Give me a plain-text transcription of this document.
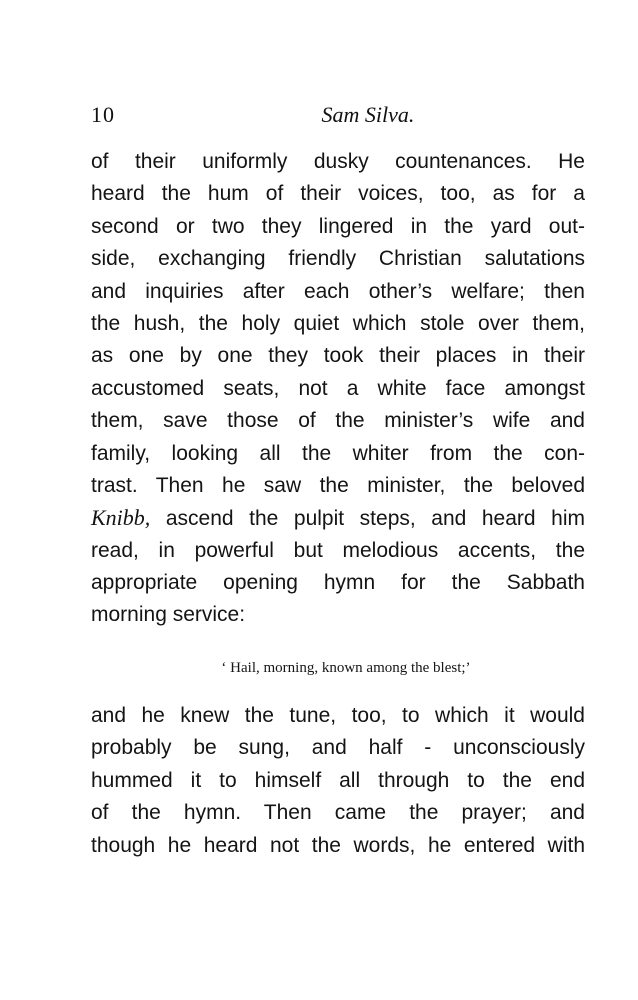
10	Sam Silva.
of their uniformly dusky countenances. He
heard the hum of their voices, too, as for a
second or two they lingered in the yard out-
side, exchanging friendly Christian salutations
and inquiries after each other’s welfare; then
the hush, the holy quiet which stole over them,
as one by one they took their places in their
accustomed seats, not a white face amongst
them, save those of the minister’s wife and
family, looking all the whiter from the con-
trast. Then he saw the minister, the beloved
Knibb, ascend the pulpit steps, and heard him
read, in powerful but melodious accents, the
appropriate opening hymn for the Sabbath
morning service:
‘ Hail, morning, known among the blest;’
and he knew the tune, too, to which it would
probably be sung, and half - unconsciously
hummed it to himself all through to the end
of the hymn. Then came the prayer; and
though he heard not the words, he entered with
